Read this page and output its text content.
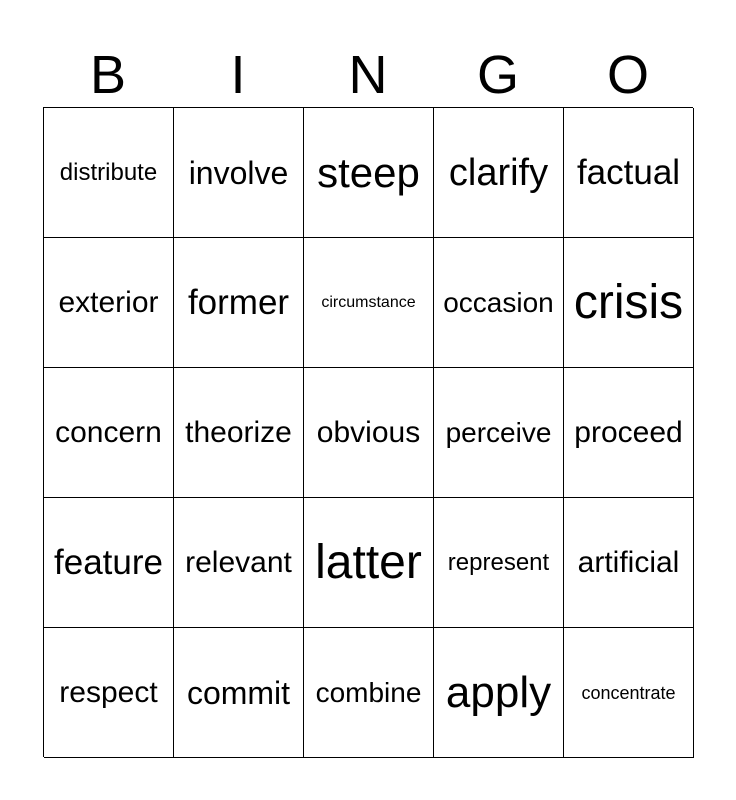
B	I	N	G	O
distribute involve steep clarify factual
exterior former	circumstance occasion crisis
concern theorize obvious perceive proceed
feature relevant latter	represent artificial
respect commit combine apply	concentrate
